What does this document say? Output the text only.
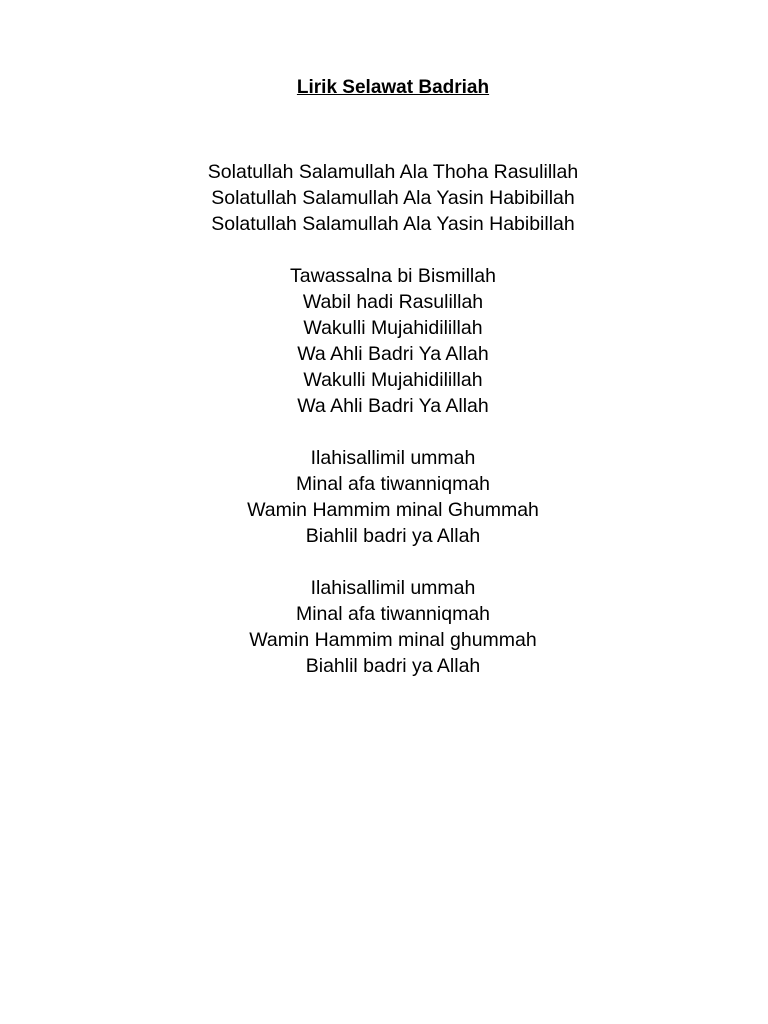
Lirik Selawat Badriah
Solatullah Salamullah Ala Thoha Rasulillah
Solatullah Salamullah Ala Yasin Habibillah
Solatullah Salamullah Ala Yasin Habibillah
Tawassalna bi Bismillah
Wabil hadi Rasulillah
Wakulli Mujahidilillah
Wa Ahli Badri Ya Allah
Wakulli Mujahidilillah
Wa Ahli Badri Ya Allah
Ilahisallimil ummah
Minal afa tiwanniqmah
Wamin Hammim minal Ghummah
Biahlil badri ya Allah
Ilahisallimil ummah
Minal afa tiwanniqmah
Wamin Hammim minal ghummah
Biahlil badri ya Allah
